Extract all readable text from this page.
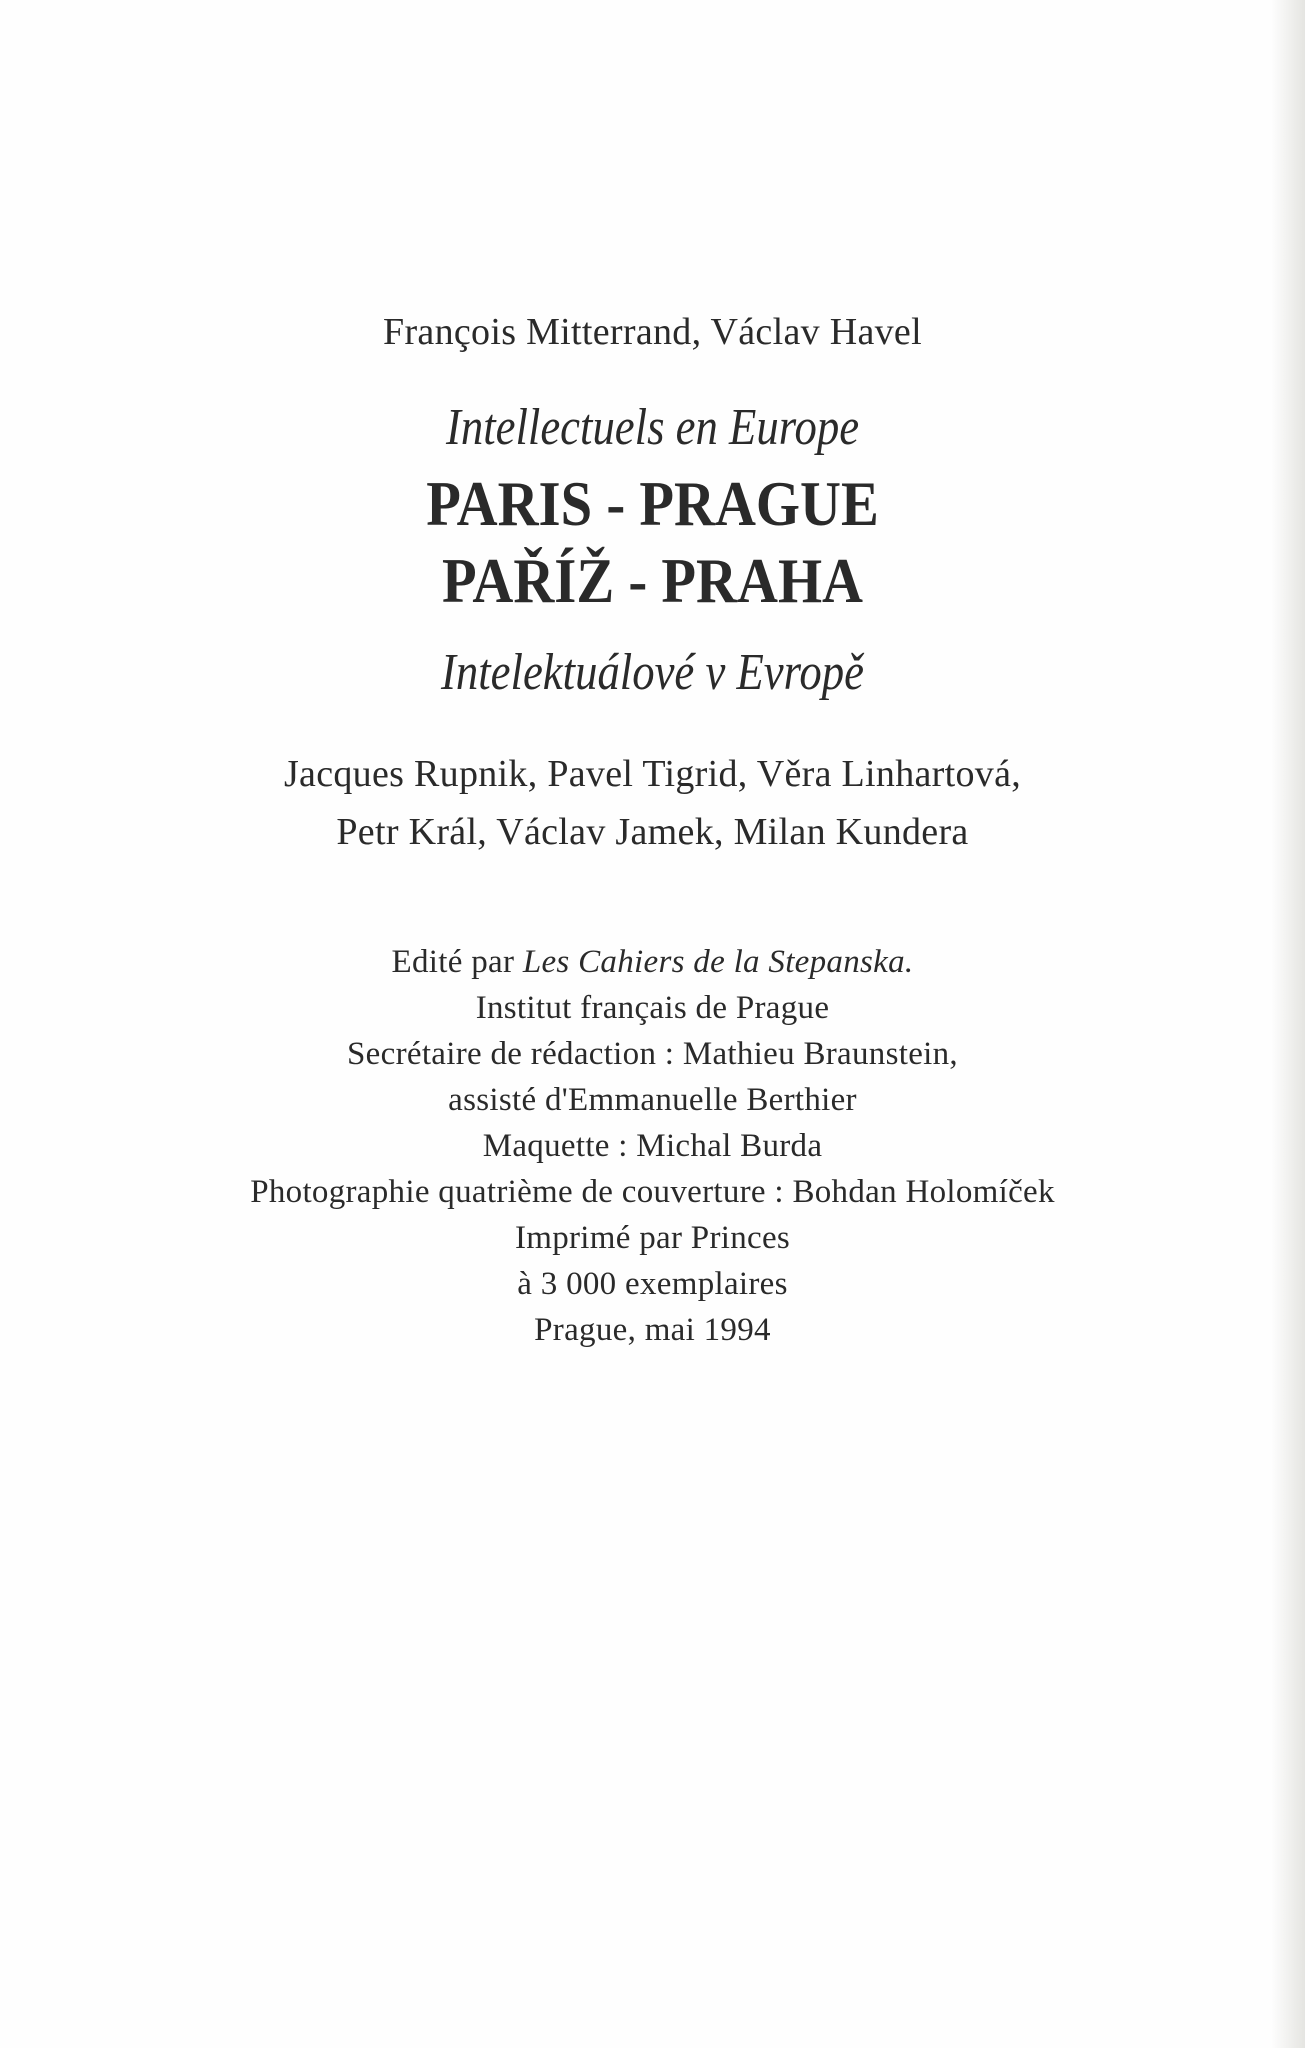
François Mitterrand, Václav Havel
Intellectuels en Europe
PARIS - PRAGUE
PAŘÍŽ - PRAHA
Intelektuálové v Evropě
Jacques Rupnik, Pavel Tigrid, Věra Linhartová,
Petr Král, Václav Jamek, Milan Kundera
Edité par Les Cahiers de la Stepanska.
Institut français de Prague
Secrétaire de rédaction : Mathieu Braunstein,
assisté d'Emmanuelle Berthier
Maquette : Michal Burda
Photographie quatrième de couverture : Bohdan Holomíček
Imprimé par Princes
à 3 000 exemplaires
Prague, mai 1994
